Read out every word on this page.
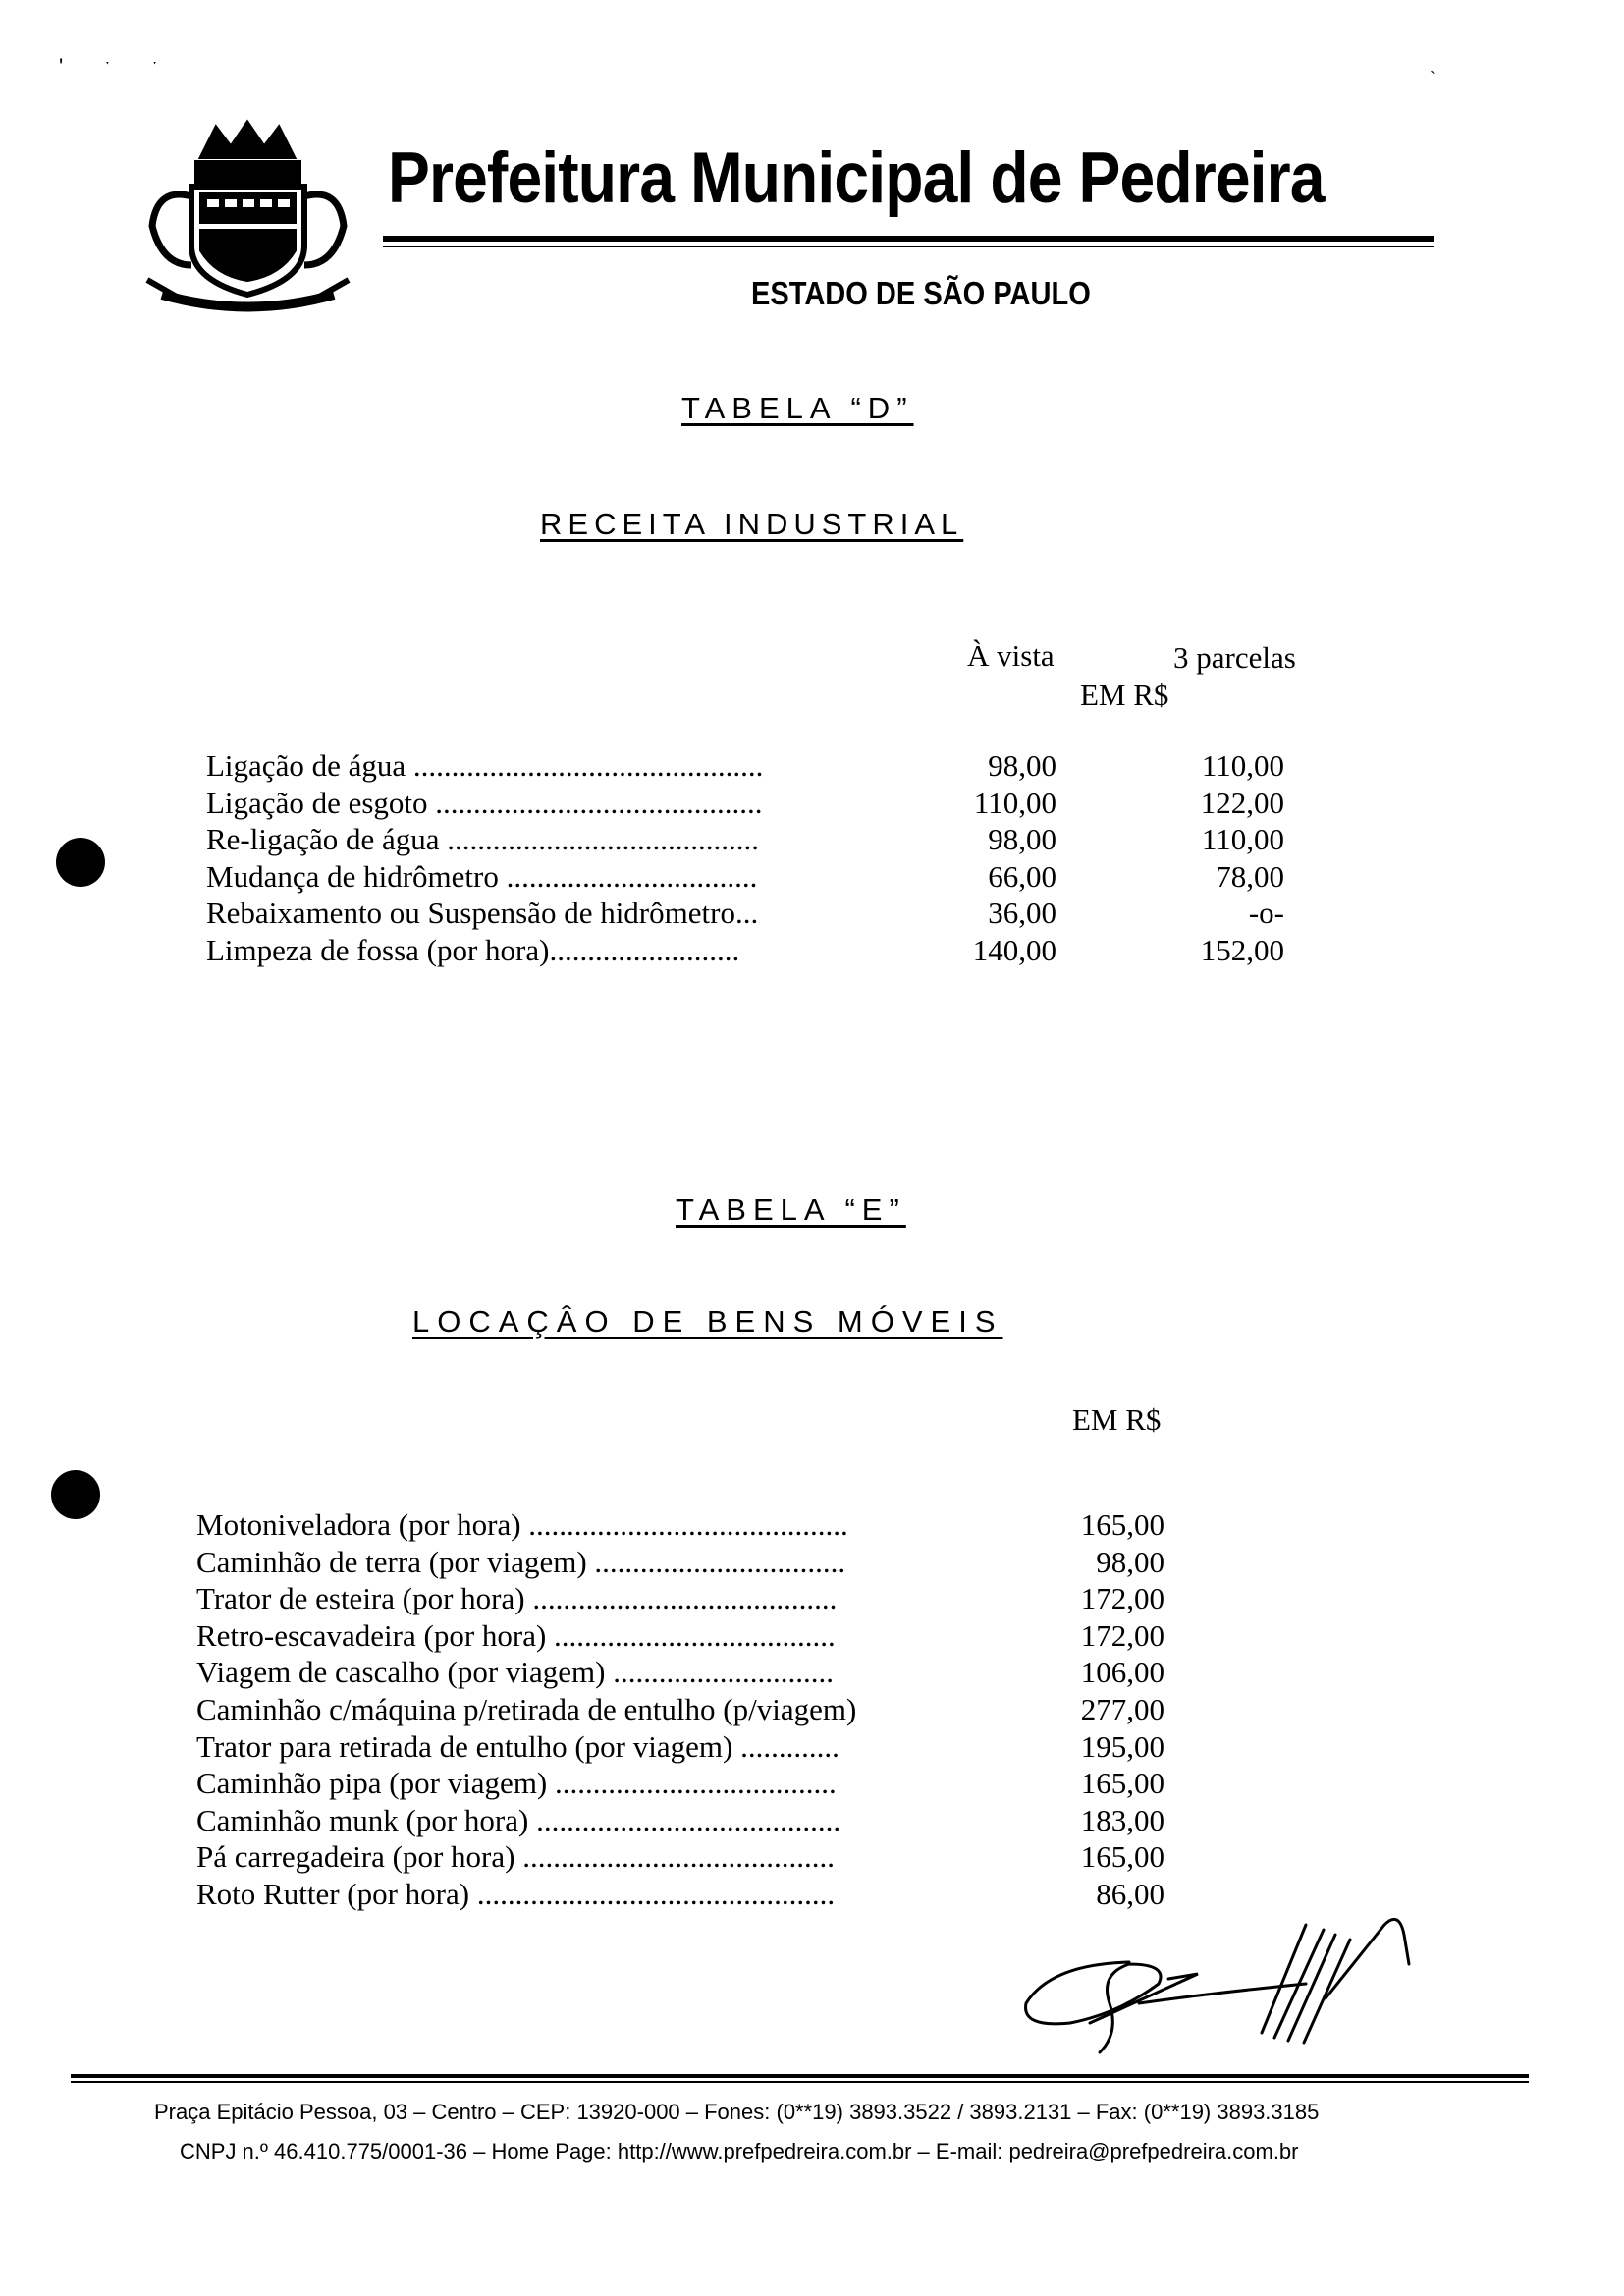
' ˑ ˑ	ˎ
Prefeitura Municipal de Pedreira
ESTADO DE SÃO PAULO
TABELA “D”
RECEITA INDUSTRIAL
À vista	3 parcelas
EM R$
Ligação de água ..............................................	98,00	110,00
Ligação de esgoto ...........................................	110,00	122,00
Re-ligação de água .........................................	98,00	110,00
Mudança de hidrômetro .................................	66,00	78,00
Rebaixamento ou Suspensão de hidrômetro...	36,00	-o-
Limpeza de fossa (por hora).........................	140,00	152,00
TABELA “E”
LOCAÇÂO DE BENS MÓVEIS
EM R$
Motoniveladora (por hora) ..........................................	165,00
Caminhão de terra (por viagem) .................................	98,00
Trator de esteira (por hora) ........................................	172,00
Retro-escavadeira (por hora) .....................................	172,00
Viagem de cascalho (por viagem) .............................	106,00
Caminhão c/máquina p/retirada de entulho (p/viagem)	277,00
Trator para retirada de entulho (por viagem) .............	195,00
Caminhão pipa (por viagem) .....................................	165,00
Caminhão munk (por hora) ........................................	183,00
Pá carregadeira (por hora) .........................................	165,00
Roto Rutter (por hora) ...............................................	86,00
Praça Epitácio Pessoa, 03 – Centro – CEP: 13920-000 – Fones: (0**19) 3893.3522 / 3893.2131 – Fax: (0**19) 3893.3185
CNPJ n.º 46.410.775/0001-36 – Home Page: http://www.prefpedreira.com.br – E-mail: pedreira@prefpedreira.com.br
